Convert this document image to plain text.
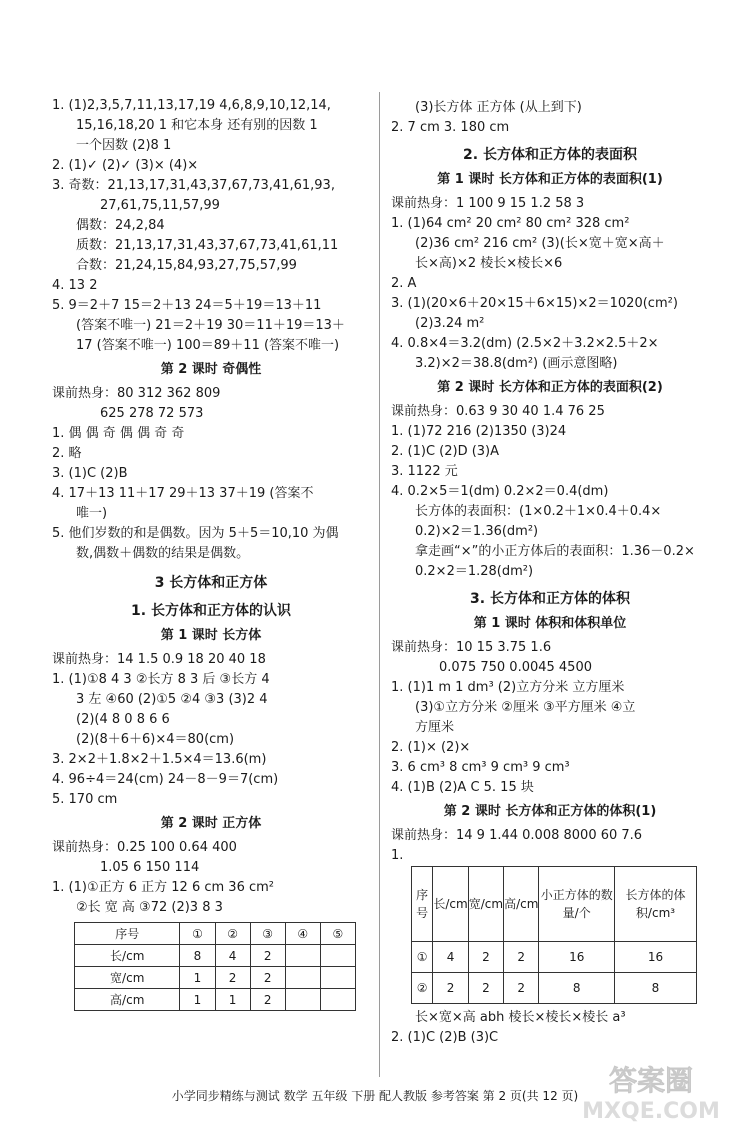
1. (1)2,3,5,7,11,13,17,19 4,6,8,9,10,12,14,
15,16,18,20 1 和它本身 还有别的因数 1
一个因数 (2)8 1
2. (1)✓ (2)✓ (3)× (4)×
3. 奇数：21,13,17,31,43,37,67,73,41,61,93,
27,61,75,11,57,99
偶数：24,2,84
质数：21,13,17,31,43,37,67,73,41,61,11
合数：21,24,15,84,93,27,75,57,99
4. 13 2
5. 9＝2＋7 15＝2＋13 24＝5＋19＝13＋11
(答案不唯一) 21＝2＋19 30＝11＋19＝13＋
17 (答案不唯一) 100＝89＋11 (答案不唯一)
第 2 课时 奇偶性
课前热身：80 312 362 809
625 278 72 573
1. 偶 偶 奇 偶 偶 奇 奇
2. 略
3. (1)C (2)B
4. 17＋13 11＋17 29＋13 37＋19 (答案不
唯一)
5. 他们岁数的和是偶数。因为 5＋5＝10,10 为偶
数,偶数＋偶数的结果是偶数。
3 长方体和正方体
1. 长方体和正方体的认识
第 1 课时 长方体
课前热身：14 1.5 0.9 18 20 40 18
1. (1)①8 4 3 ②长方 8 3 后 ③长方 4
3 左 ④60 (2)①5 ②4 ③3 (3)2 4
(2)(4 8 0 8 6 6
(2)(8＋6＋6)×4＝80(cm)
3. 2×2＋1.8×2＋1.5×4＝13.6(m)
4. 96÷4＝24(cm) 24－8－9＝7(cm)
5. 170 cm
第 2 课时 正方体
课前热身：0.25 100 0.64 400
1.05 6 150 114
1. (1)①正方 6 正方 12 6 cm 36 cm²
②长 宽 高 ③72 (2)3 8 3
序号	①	②	③	④	⑤
长/cm	8	4	2		
宽/cm	1	2	2		
高/cm	1	1	2		
(3)长方体 正方体 (从上到下)
2. 7 cm 3. 180 cm
2. 长方体和正方体的表面积
第 1 课时 长方体和正方体的表面积(1)
课前热身：1 100 9 15 1.2 58 3
1. (1)64 cm² 20 cm² 80 cm² 328 cm²
(2)36 cm² 216 cm² (3)(长×宽＋宽×高＋
长×高)×2 棱长×棱长×6
2. A
3. (1)(20×6＋20×15＋6×15)×2＝1020(cm²)
(2)3.24 m²
4. 0.8×4＝3.2(dm) (2.5×2＋3.2×2.5＋2×
3.2)×2＝38.8(dm²) (画示意图略)
第 2 课时 长方体和正方体的表面积(2)
课前热身：0.63 9 30 40 1.4 76 25
1. (1)72 216 (2)1350 (3)24
2. (1)C (2)D (3)A
3. 1122 元
4. 0.2×5＝1(dm) 0.2×2＝0.4(dm)
长方体的表面积：(1×0.2＋1×0.4＋0.4×
0.2)×2＝1.36(dm²)
拿走画“×”的小正方体后的表面积：1.36－0.2×
0.2×2＝1.28(dm²)
3. 长方体和正方体的体积
第 1 课时 体积和体积单位
课前热身：10 15 3.75 1.6
0.075 750 0.0045 4500
1. (1)1 m 1 dm³ (2)立方分米 立方厘米
(3)①立方分米 ②厘米 ③平方厘米 ④立
方厘米
2. (1)× (2)×
3. 6 cm³ 8 cm³ 9 cm³ 9 cm³
4. (1)B (2)A C 5. 15 块
第 2 课时 长方体和正方体的体积(1)
课前热身：14 9 1.44 0.008 8000 60 7.6
1.
序号	长/cm	宽/cm	高/cm	小正方体的数量/个	长方体的体积/cm³
①	4	2	2	16	16
②	2	2	2	8	8
长×宽×高 abh 棱长×棱长×棱长 a³
2. (1)C (2)B (3)C
小学同步精练与测试 数学 五年级 下册 配人教版 参考答案 第 2 页(共 12 页)	答案圈
MXQE.COM
